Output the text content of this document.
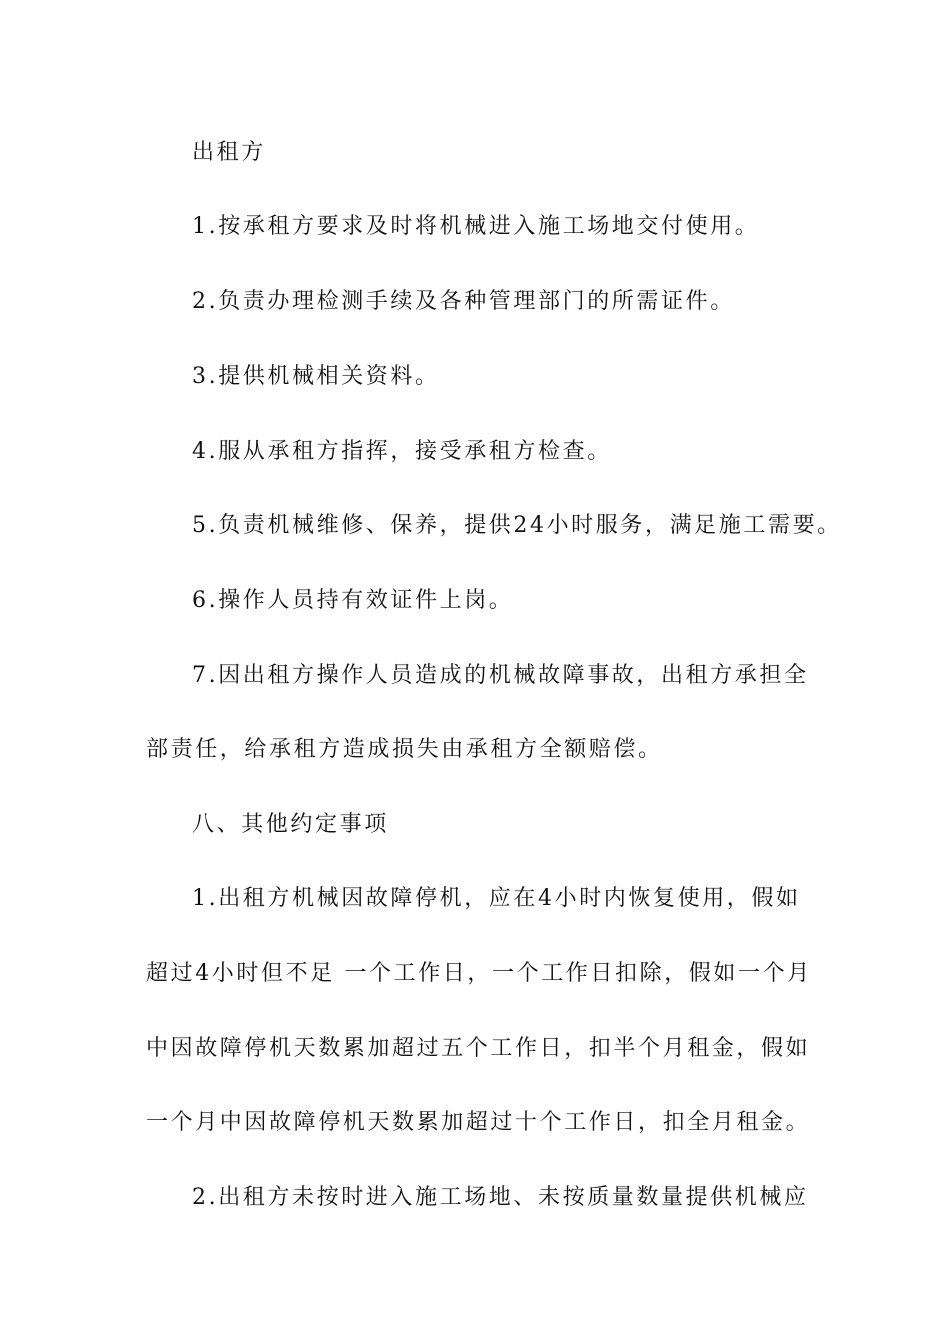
出租方
1.按承租方要求及时将机械进入施工场地交付使用。
2.负责办理检测手续及各种管理部门的所需证件。
3.提供机械相关资料。
4.服从承租方指挥，接受承租方检查。
5.负责机械维修、保养，提供24小时服务，满足施工需要。
6.操作人员持有效证件上岗。
7.因出租方操作人员造成的机械故障事故，出租方承担全
部责任，给承租方造成损失由承租方全额赔偿。
八、其他约定事项
1.出租方机械因故障停机，应在4小时内恢复使用，假如
超过4小时但不足 一个工作日，一个工作日扣除，假如一个月
中因故障停机天数累加超过五个工作日，扣半个月租金，假如
一个月中因故障停机天数累加超过十个工作日，扣全月租金。
2.出租方未按时进入施工场地、未按质量数量提供机械应
